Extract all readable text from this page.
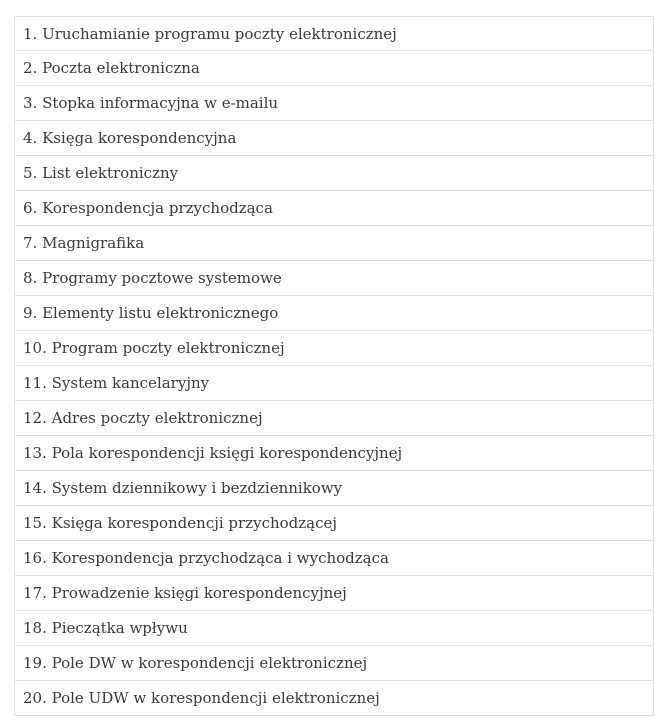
1. Uruchamianie programu poczty elektronicznej
2. Poczta elektroniczna
3. Stopka informacyjna w e-mailu
4. Księga korespondencyjna
5. List elektroniczny
6. Korespondencja przychodząca
7. Magnigrafika
8. Programy pocztowe systemowe
9. Elementy listu elektronicznego
10. Program poczty elektronicznej
11. System kancelaryjny
12. Adres poczty elektronicznej
13. Pola korespondencji księgi korespondencyjnej
14. System dziennikowy i bezdziennikowy
15. Księga korespondencji przychodzącej
16. Korespondencja przychodząca i wychodząca
17. Prowadzenie księgi korespondencyjnej
18. Pieczątka wpływu
19. Pole DW w korespondencji elektronicznej
20. Pole UDW w korespondencji elektronicznej
